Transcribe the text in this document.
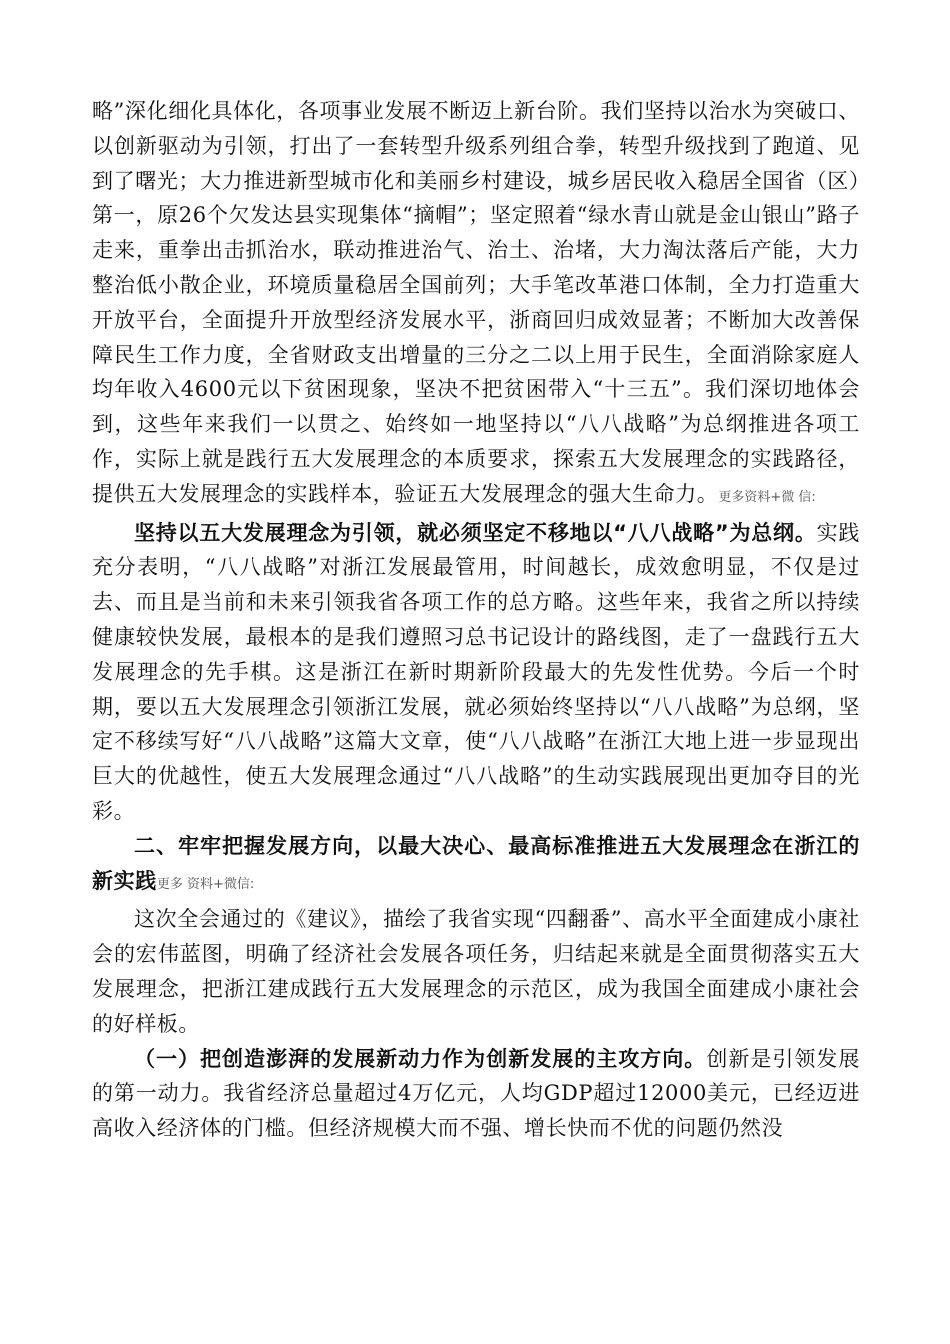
略”深化细化具体化，各项事业发展不断迈上新台阶。我们坚持以治水为突破口、以创新驱动为引领，打出了一套转型升级系列组合拳，转型升级找到了跑道、见到了曙光；大力推进新型城市化和美丽乡村建设，城乡居民收入稳居全国省（区）第一，原26个欠发达县实现集体“摘帽”；坚定照着“绿水青山就是金山银山”路子走来，重拳出击抓治水，联动推进治气、治土、治堵，大力淘汰落后产能，大力整治低小散企业，环境质量稳居全国前列；大手笔改革港口体制，全力打造重大开放平台，全面提升开放型经济发展水平，浙商回归成效显著；不断加大改善保障民生工作力度，全省财政支出增量的三分之二以上用于民生，全面消除家庭人均年收入4600元以下贫困现象，坚决不把贫困带入“十三五”。我们深切地体会到，这些年来我们一以贯之、始终如一地坚持以“八八战略”为总纲推进各项工作，实际上就是践行五大发展理念的本质要求，探索五大发展理念的实践路径，提供五大发展理念的实践样本，验证五大发展理念的强大生命力。更多资料+微 信:

坚持以五大发展理念为引领，就必须坚定不移地以“八八战略”为总纲。实践充分表明，“八八战略”对浙江发展最管用，时间越长，成效愈明显，不仅是过去、而且是当前和未来引领我省各项工作的总方略。这些年来，我省之所以持续健康较快发展，最根本的是我们遵照习总书记设计的路线图，走了一盘践行五大发展理念的先手棋。这是浙江在新时期新阶段最大的先发性优势。今后一个时期，要以五大发展理念引领浙江发展，就必须始终坚持以“八八战略”为总纲，坚定不移续写好“八八战略”这篇大文章，使“八八战略”在浙江大地上进一步显现出巨大的优越性，使五大发展理念通过“八八战略”的生动实践展现出更加夺目的光彩。

二、牢牢把握发展方向，以最大决心、最高标准推进五大发展理念在浙江的新实践更多 资料+微信:

这次全会通过的《建议》，描绘了我省实现“四翻番”、高水平全面建成小康社会的宏伟蓝图，明确了经济社会发展各项任务，归结起来就是全面贯彻落实五大发展理念，把浙江建成践行五大发展理念的示范区，成为我国全面建成小康社会的好样板。

（一）把创造澎湃的发展新动力作为创新发展的主攻方向。创新是引领发展的第一动力。我省经济总量超过4万亿元，人均GDP超过12000美元，已经迈进高收入经济体的门槛。但经济规模大而不强、增长快而不优的问题仍然没
